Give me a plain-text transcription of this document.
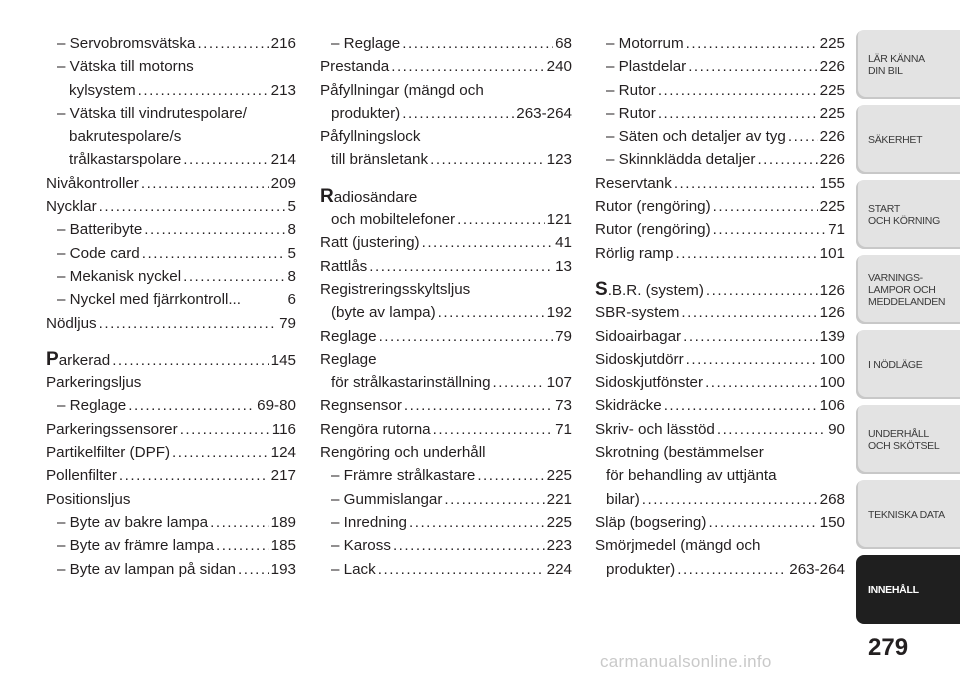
– Servobromsvätska .....	216
– Vätska till motorns
kylsystem .....	213
– Vätska till vindrutespolare/
bakrutespolare/s
trålkastarspolare .....	214
Nivåkontroller .....	209
Nycklar .....	5
– Batteribyte .....	8
– Code card .....	5
– Mekanisk nyckel .....	8
– Nyckel med fjärrkontroll...	6
Nödljus .....	79
Parkerad .....	145
Parkeringsljus
– Reglage .....	69-80
Parkeringssensorer .....	116
Partikelfilter (DPF) .....	124
Pollenfilter .....	217
Positionsljus
– Byte av bakre lampa .....	189
– Byte av främre lampa .....	185
– Byte av lampan på sidan ..... 193
– Reglage .....	68
Prestanda .....	240
Påfyllningar (mängd och
produkter) .....	263-264
Påfyllningslock
till bränsletank .....	123
Radiosändare
och mobiltelefoner .....	121
Ratt (justering) .....	41
Rattlås .....	13
Registreringsskyltsljus
(byte av lampa) .....	192
Reglage .....	79
Reglage
för strålkastarinställning .....	107
Regnsensor .....	73
Rengöra rutorna .....	71
Rengöring och underhåll
– Främre strålkastare .....	225
– Gummislangar .....	221
– Inredning .....	225
– Kaross .....	223
– Lack .....	224
– Motorrum .....	225
– Plastdelar .....	226
– Rutor .....	225
– Rutor .....	225
– Säten och detaljer av tyg ..... 226
– Skinnklädda detaljer .....	226
Reservtank .....	155
Rutor (rengöring) .....	225
Rutor (rengöring) .....	71
Rörlig ramp .....	101
S.B.R. (system) .....	126
SBR-system .....	126
Sidoairbagar .....	139
Sidoskjutdörr .....	100
Sidoskjutfönster .....	100
Skidräcke .....	106
Skriv- och lässtöd .....	90
Skrotning (bestämmelser
för behandling av uttjänta
bilar) .....	268
Släp (bogsering) .....	150
Smörjmedel (mängd och
produkter) .....	263-264
LÄR KÄNNA
DIN BIL
SÄKERHET
START
OCH KÖRNING
VARNINGS-
LAMPOR OCH
MEDDELANDEN
I NÖDLÄGE
UNDERHÅLL
OCH SKÖTSEL
TEKNISKA DATA
INNEHÅLL
279
carmanualsonline.info
